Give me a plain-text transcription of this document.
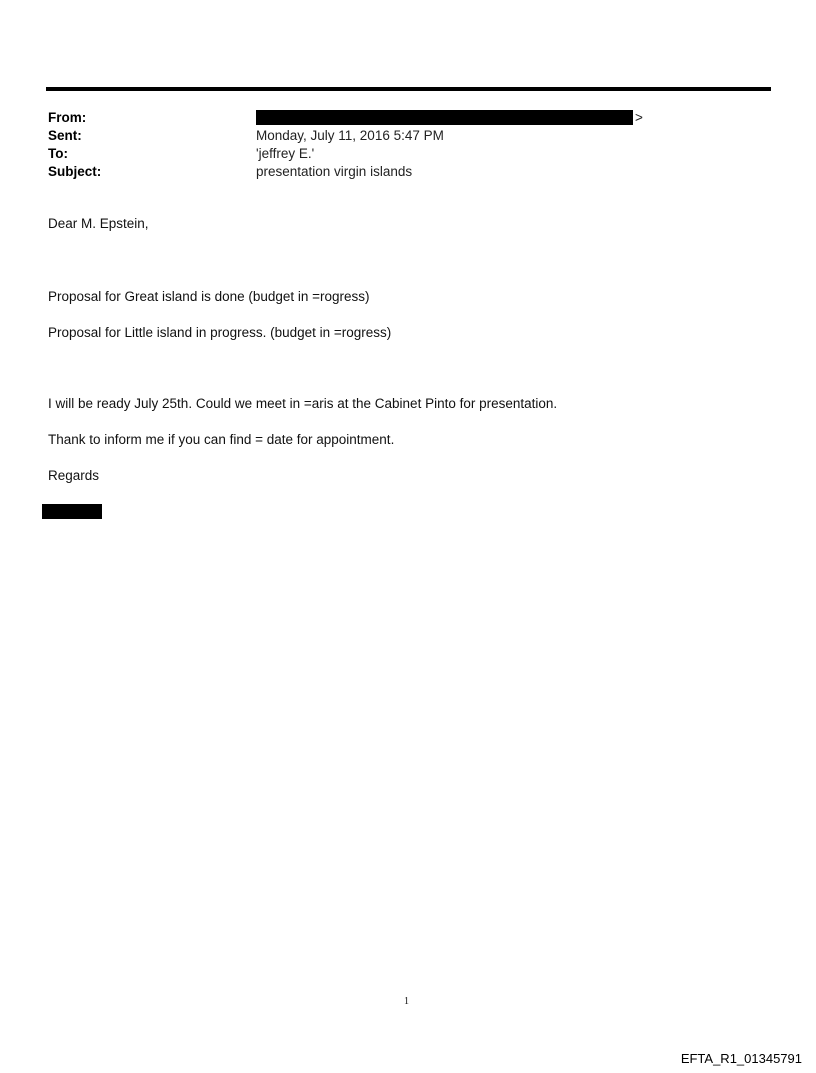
From:	>
Sent:	Monday, July 11, 2016 5:47 PM
To:	'jeffrey E.'
Subject:	presentation virgin islands
Dear M. Epstein,
Proposal for Great island is done (budget in =rogress)
Proposal for Little island in progress. (budget in =rogress)
I will be ready July 25th. Could we meet in =aris at the Cabinet Pinto for presentation.
Thank to inform me if you can find = date for appointment.
Regards
1
EFTA_R1_01345791
